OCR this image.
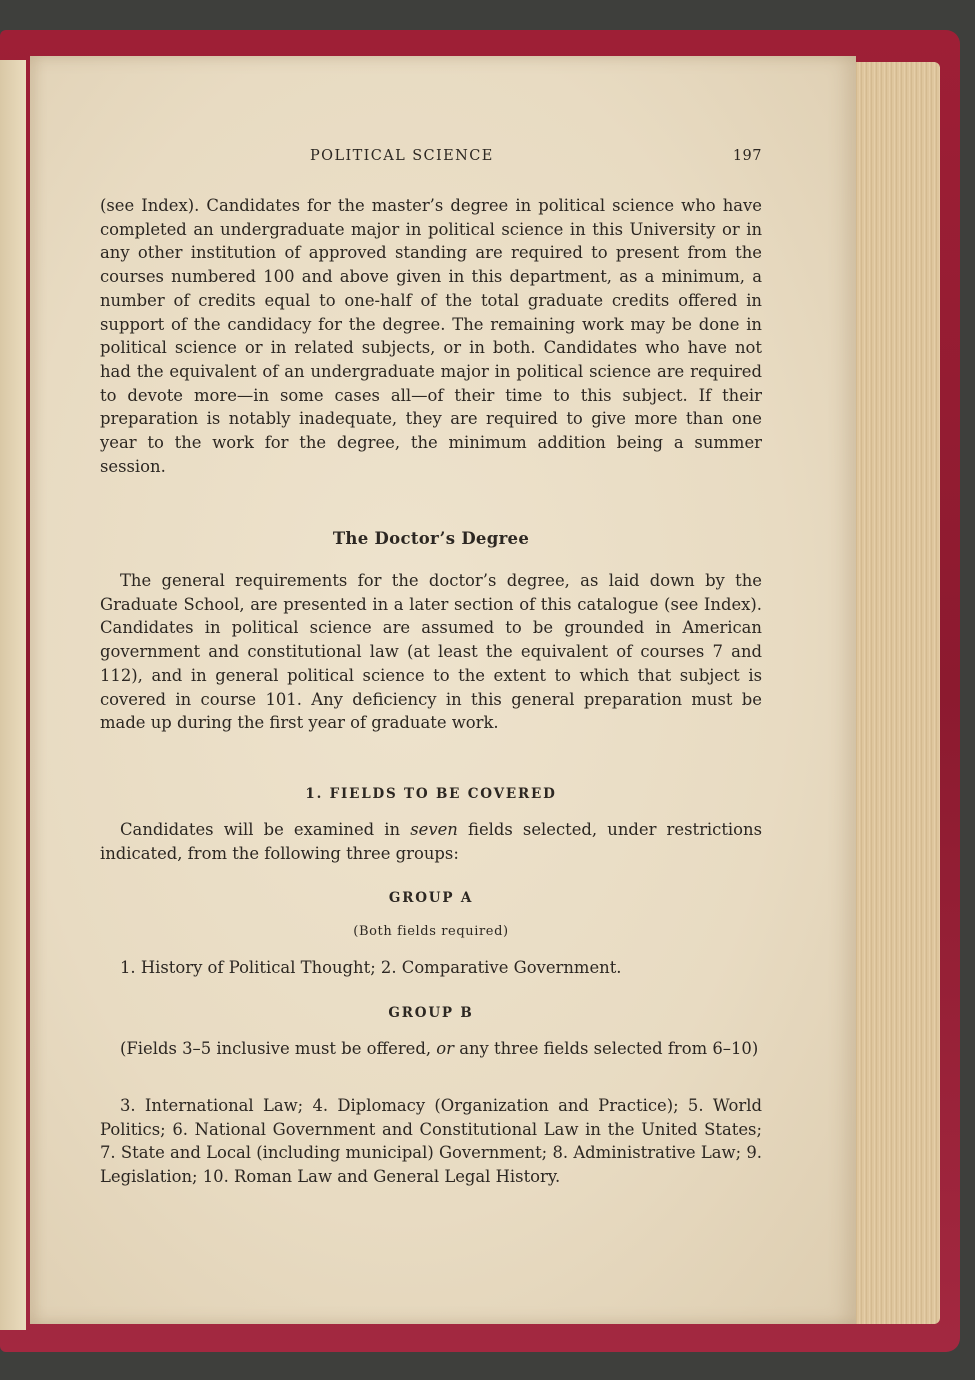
POLITICAL SCIENCE	197
(see Index). Candidates for the master’s degree in political science who have completed an undergraduate major in political science in this University or in any other institution of approved standing are required to present from the courses numbered 100 and above given in this department, as a minimum, a number of credits equal to one-half of the total graduate credits offered in support of the candidacy for the degree. The remaining work may be done in political science or in related subjects, or in both. Candidates who have not had the equivalent of an undergraduate major in political science are required to devote more—in some cases all—of their time to this subject. If their preparation is notably inadequate, they are required to give more than one year to the work for the degree, the minimum addition being a summer session.
The Doctor’s Degree
The general requirements for the doctor’s degree, as laid down by the Graduate School, are presented in a later section of this catalogue (see Index). Candidates in political science are assumed to be grounded in American government and constitutional law (at least the equivalent of courses 7 and 112), and in general political science to the extent to which that subject is covered in course 101. Any deficiency in this general preparation must be made up during the first year of graduate work.
1. FIELDS TO BE COVERED
Candidates will be examined in seven fields selected, under restrictions indicated, from the following three groups:
GROUP A
(Both fields required)
1. History of Political Thought; 2. Comparative Government.
GROUP B
(Fields 3–5 inclusive must be offered, or any three fields selected from 6–10)
3. International Law; 4. Diplomacy (Organization and Practice); 5. World Politics; 6. National Government and Constitutional Law in the United States; 7. State and Local (including municipal) Government; 8. Administrative Law; 9. Legislation; 10. Roman Law and General Legal History.
